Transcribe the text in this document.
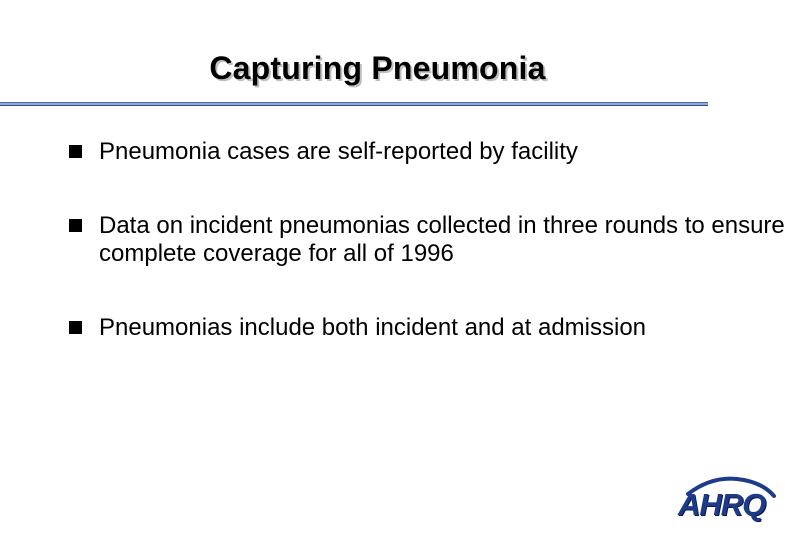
Capturing Pneumonia
Pneumonia cases are self-reported by facility
Data on incident pneumonias collected in three rounds to ensure complete coverage for all of 1996
Pneumonias include both incident and at admission
AHRQ
